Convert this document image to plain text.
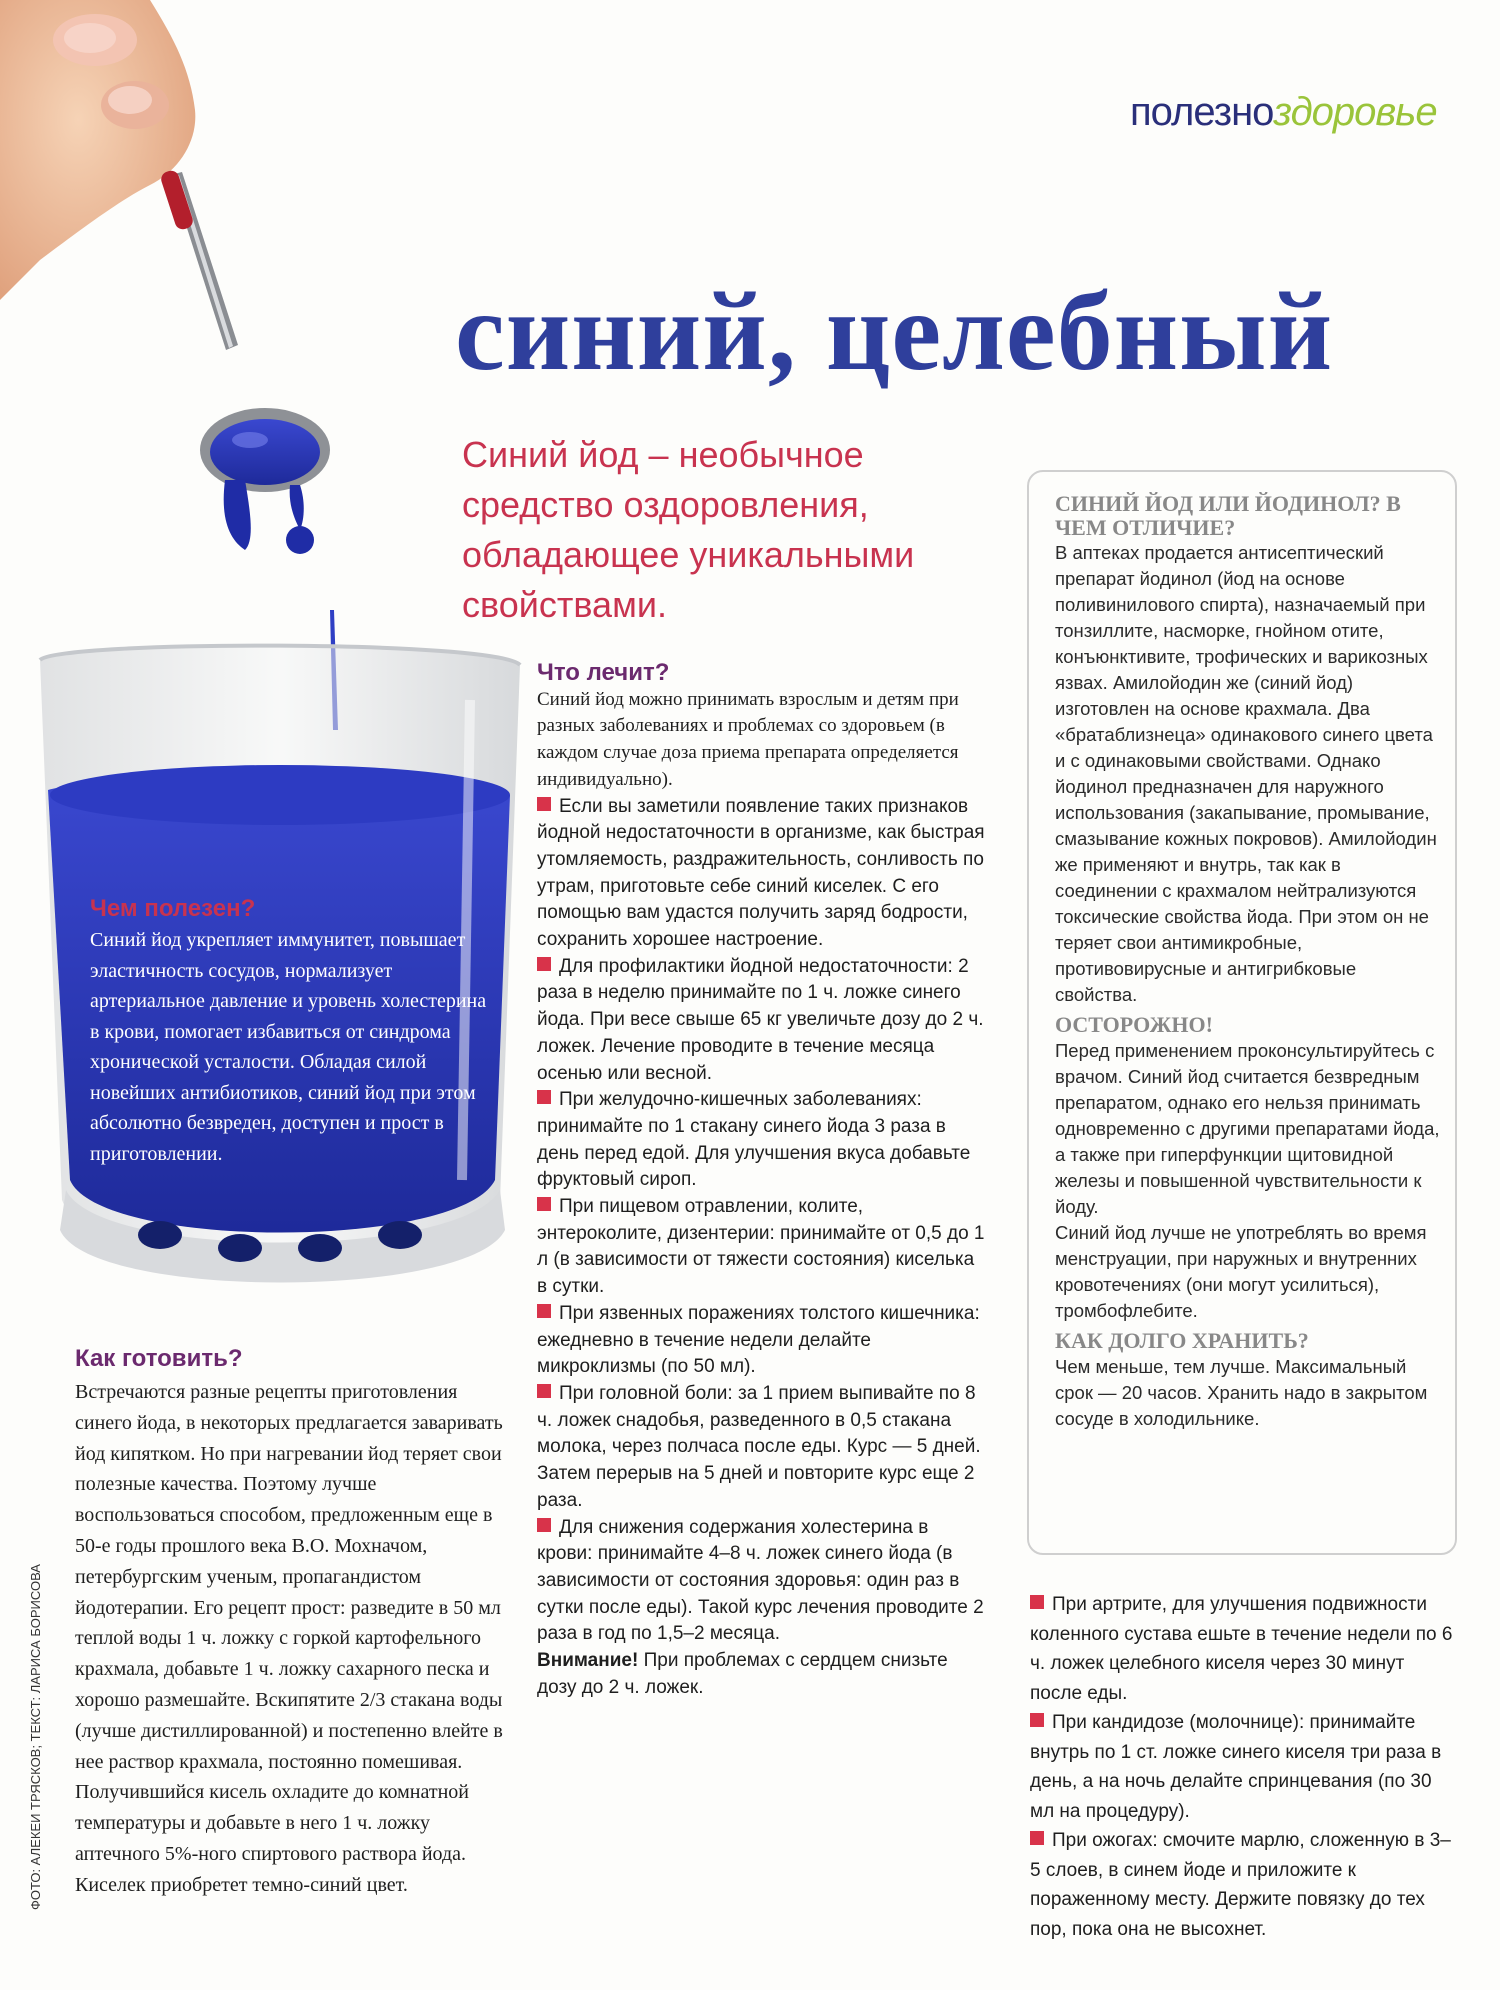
полезноздоровье
синий, целебный
Синий йод – необычное средство оздоровления, обладающее уникальными свойствами.
Чем полезен?

Синий йод укрепляет иммунитет, повышает эластичность сосудов, нормализует артериальное давление и уровень холестерина в крови, помогает избавиться от синдрома хронической усталости. Обладая силой новейших антибиотиков, синий йод при этом абсолютно безвреден, доступен и прост в приготовлении.

Как готовить?

Встречаются разные рецепты приготовления синего йода, в некоторых предлагается заваривать йод кипятком. Но при нагревании йод теряет свои полезные качества. Поэтому лучше воспользоваться способом, предложенным еще в 50-е годы прошлого века В.О. Мохначом, петербургским ученым, пропагандистом йодотерапии. Его рецепт прост: разведите в 50 мл теплой воды 1 ч. ложку с горкой картофельного крахмала, добавьте 1 ч. ложку сахарного песка и хорошо размешайте. Вскипятите 2/3 стакана воды (лучше дистиллированной) и постепенно влейте в нее раствор крахмала, постоянно помешивая. Получившийся кисель охладите до комнатной температуры и добавьте в него 1 ч. ложку аптечного 5%-ного спиртового раствора йода. Киселек приобретет темно-синий цвет.

ФОТО: АЛЕКЕИ ТРЯСКОВ; ТЕКСТ: ЛАРИСА БОРИСОВА
Что лечит?

Синий йод можно принимать взрослым и детям при разных заболеваниях и проблемах со здоровьем (в каждом случае доза приема препарата определяется индивидуально).

Если вы заметили появление таких признаков йодной недостаточности в организме, как быстрая утомляемость, раздражительность, сонливость по утрам, приготовьте себе синий киселек. С его помощью вам удастся получить заряд бодрости, сохранить хорошее настроение.

Для профилактики йодной недостаточности: 2 раза в неделю принимайте по 1 ч. ложке синего йода. При весе свыше 65 кг увеличьте дозу до 2 ч. ложек. Лечение проводите в течение месяца осенью или весной.

При желудочно-кишечных заболеваниях: принимайте по 1 стакану синего йода 3 раза в день перед едой. Для улучшения вкуса добавьте фруктовый сироп.

При пищевом отравлении, колите, энтероколите, дизентерии: принимайте от 0,5 до 1 л (в зависимости от тяжести состояния) киселька в сутки.

При язвенных поражениях толстого кишечника: ежедневно в течение недели делайте микроклизмы (по 50 мл).

При головной боли: за 1 прием выпивайте по 8 ч. ложек снадобья, разведенного в 0,5 стакана молока, через полчаса после еды. Курс — 5 дней. Затем перерыв на 5 дней и повторите курс еще 2 раза.

Для снижения содержания холестерина в крови: принимайте 4–8 ч. ложек синего йода (в зависимости от состояния здоровья: один раз в сутки после еды). Такой курс лечения проводите 2 раза в год по 1,5–2 месяца.

Внимание! При проблемах с сердцем снизьте дозу до 2 ч. ложек.

СИНИЙ ЙОД ИЛИ ЙОДИНОЛ? В ЧЕМ ОТЛИЧИЕ?

В аптеках продается антисептический препарат йодинол (йод на основе поливинилового спирта), назначаемый при тонзиллите, насморке, гнойном отите, конъюнктивите, трофических и варикозных язвах. Амилойодин же (синий йод) изготовлен на основе крахмала. Два «братаблизнеца» одинакового синего цвета и с одинаковыми свойствами. Однако йодинол предназначен для наружного использования (закапывание, промывание, смазывание кожных покровов). Амилойодин же применяют и внутрь, так как в соединении с крахмалом нейтрализуются токсические свойства йода. При этом он не теряет свои антимикробные, противовирусные и антигрибковые свойства.

ОСТОРОЖНО!

Перед применением проконсультируйтесь с врачом. Синий йод считается безвредным препаратом, однако его нельзя принимать одновременно с другими препаратами йода, а также при гиперфункции щитовидной железы и повышенной чувствительности к йоду.

Синий йод лучше не употреблять во время менструации, при наружных и внутренних кровотечениях (они могут усилиться), тромбофлебите.

КАК ДОЛГО ХРАНИТЬ?

Чем меньше, тем лучше. Максимальный срок — 20 часов. Хранить надо в закрытом сосуде в холодильнике.

При артрите, для улучшения подвижности коленного сустава ешьте в течение недели по 6 ч. ложек целебного киселя через 30 минут после еды.

При кандидозе (молочнице): принимайте внутрь по 1 ст. ложке синего киселя три раза в день, а на ночь делайте спринцевания (по 30 мл на процедуру).

При ожогах: смочите марлю, сложенную в 3–5 слоев, в синем йоде и приложите к пораженному месту. Держите повязку до тех пор, пока она не высохнет.
